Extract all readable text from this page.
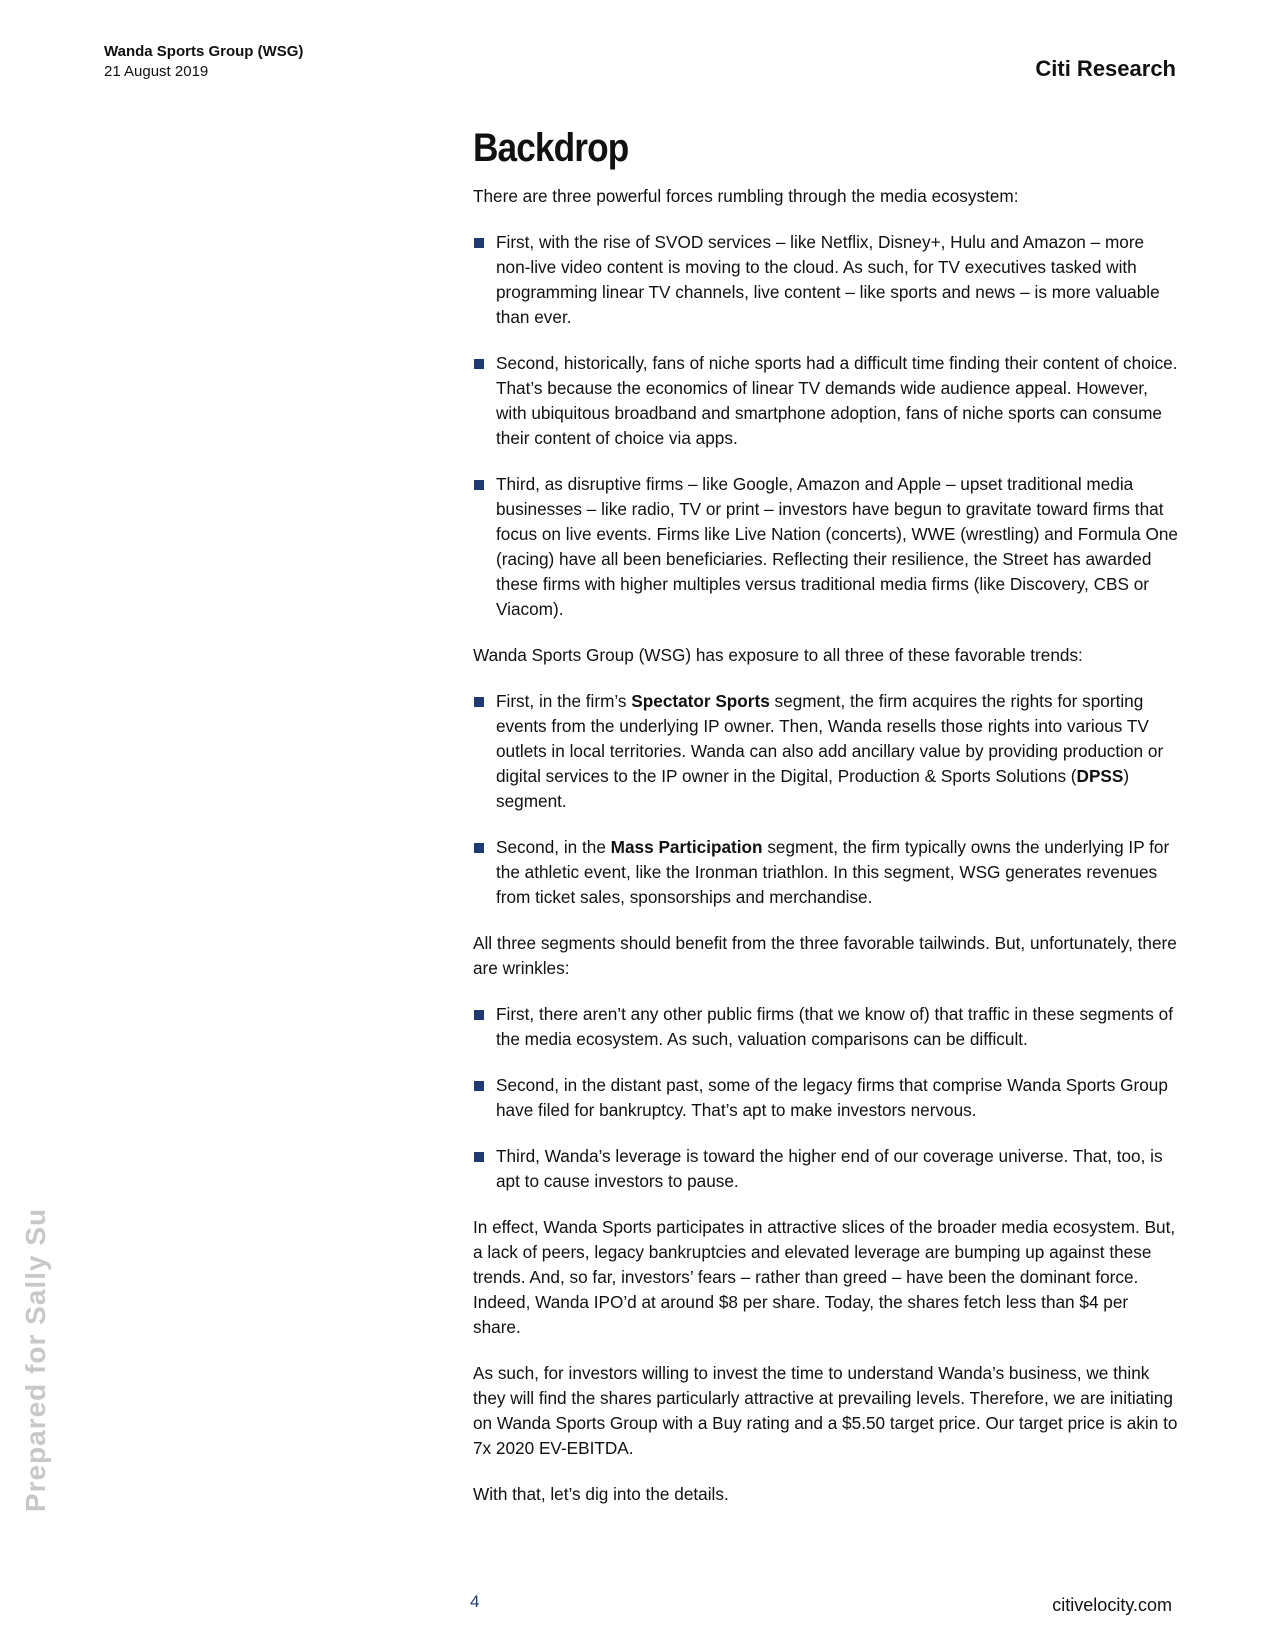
Wanda Sports Group (WSG)
21 August 2019	Citi Research
Prepared for Sally Su
Backdrop

There are three powerful forces rumbling through the media ecosystem:

First, with the rise of SVOD services – like Netflix, Disney+, Hulu and Amazon – more non-live video content is moving to the cloud. As such, for TV executives tasked with programming linear TV channels, live content – like sports and news – is more valuable than ever.
Second, historically, fans of niche sports had a difficult time finding their content of choice. That’s because the economics of linear TV demands wide audience appeal. However, with ubiquitous broadband and smartphone adoption, fans of niche sports can consume their content of choice via apps.
Third, as disruptive firms – like Google, Amazon and Apple – upset traditional media businesses – like radio, TV or print – investors have begun to gravitate toward firms that focus on live events. Firms like Live Nation (concerts), WWE (wrestling) and Formula One (racing) have all been beneficiaries. Reflecting their resilience, the Street has awarded these firms with higher multiples versus traditional media firms (like Discovery, CBS or Viacom).

Wanda Sports Group (WSG) has exposure to all three of these favorable trends:

First, in the firm’s Spectator Sports segment, the firm acquires the rights for sporting events from the underlying IP owner. Then, Wanda resells those rights into various TV outlets in local territories. Wanda can also add ancillary value by providing production or digital services to the IP owner in the Digital, Production & Sports Solutions (DPSS) segment.
Second, in the Mass Participation segment, the firm typically owns the underlying IP for the athletic event, like the Ironman triathlon. In this segment, WSG generates revenues from ticket sales, sponsorships and merchandise.

All three segments should benefit from the three favorable tailwinds. But, unfortunately, there are wrinkles:

First, there aren’t any other public firms (that we know of) that traffic in these segments of the media ecosystem. As such, valuation comparisons can be difficult.
Second, in the distant past, some of the legacy firms that comprise Wanda Sports Group have filed for bankruptcy. That’s apt to make investors nervous.
Third, Wanda’s leverage is toward the higher end of our coverage universe. That, too, is apt to cause investors to pause.

In effect, Wanda Sports participates in attractive slices of the broader media ecosystem. But, a lack of peers, legacy bankruptcies and elevated leverage are bumping up against these trends. And, so far, investors’ fears – rather than greed – have been the dominant force. Indeed, Wanda IPO’d at around $8 per share. Today, the shares fetch less than $4 per share.

As such, for investors willing to invest the time to understand Wanda’s business, we think they will find the shares particularly attractive at prevailing levels. Therefore, we are initiating on Wanda Sports Group with a Buy rating and a $5.50 target price. Our target price is akin to 7x 2020 EV-EBITDA.

With that, let’s dig into the details.

4	citivelocity.com
